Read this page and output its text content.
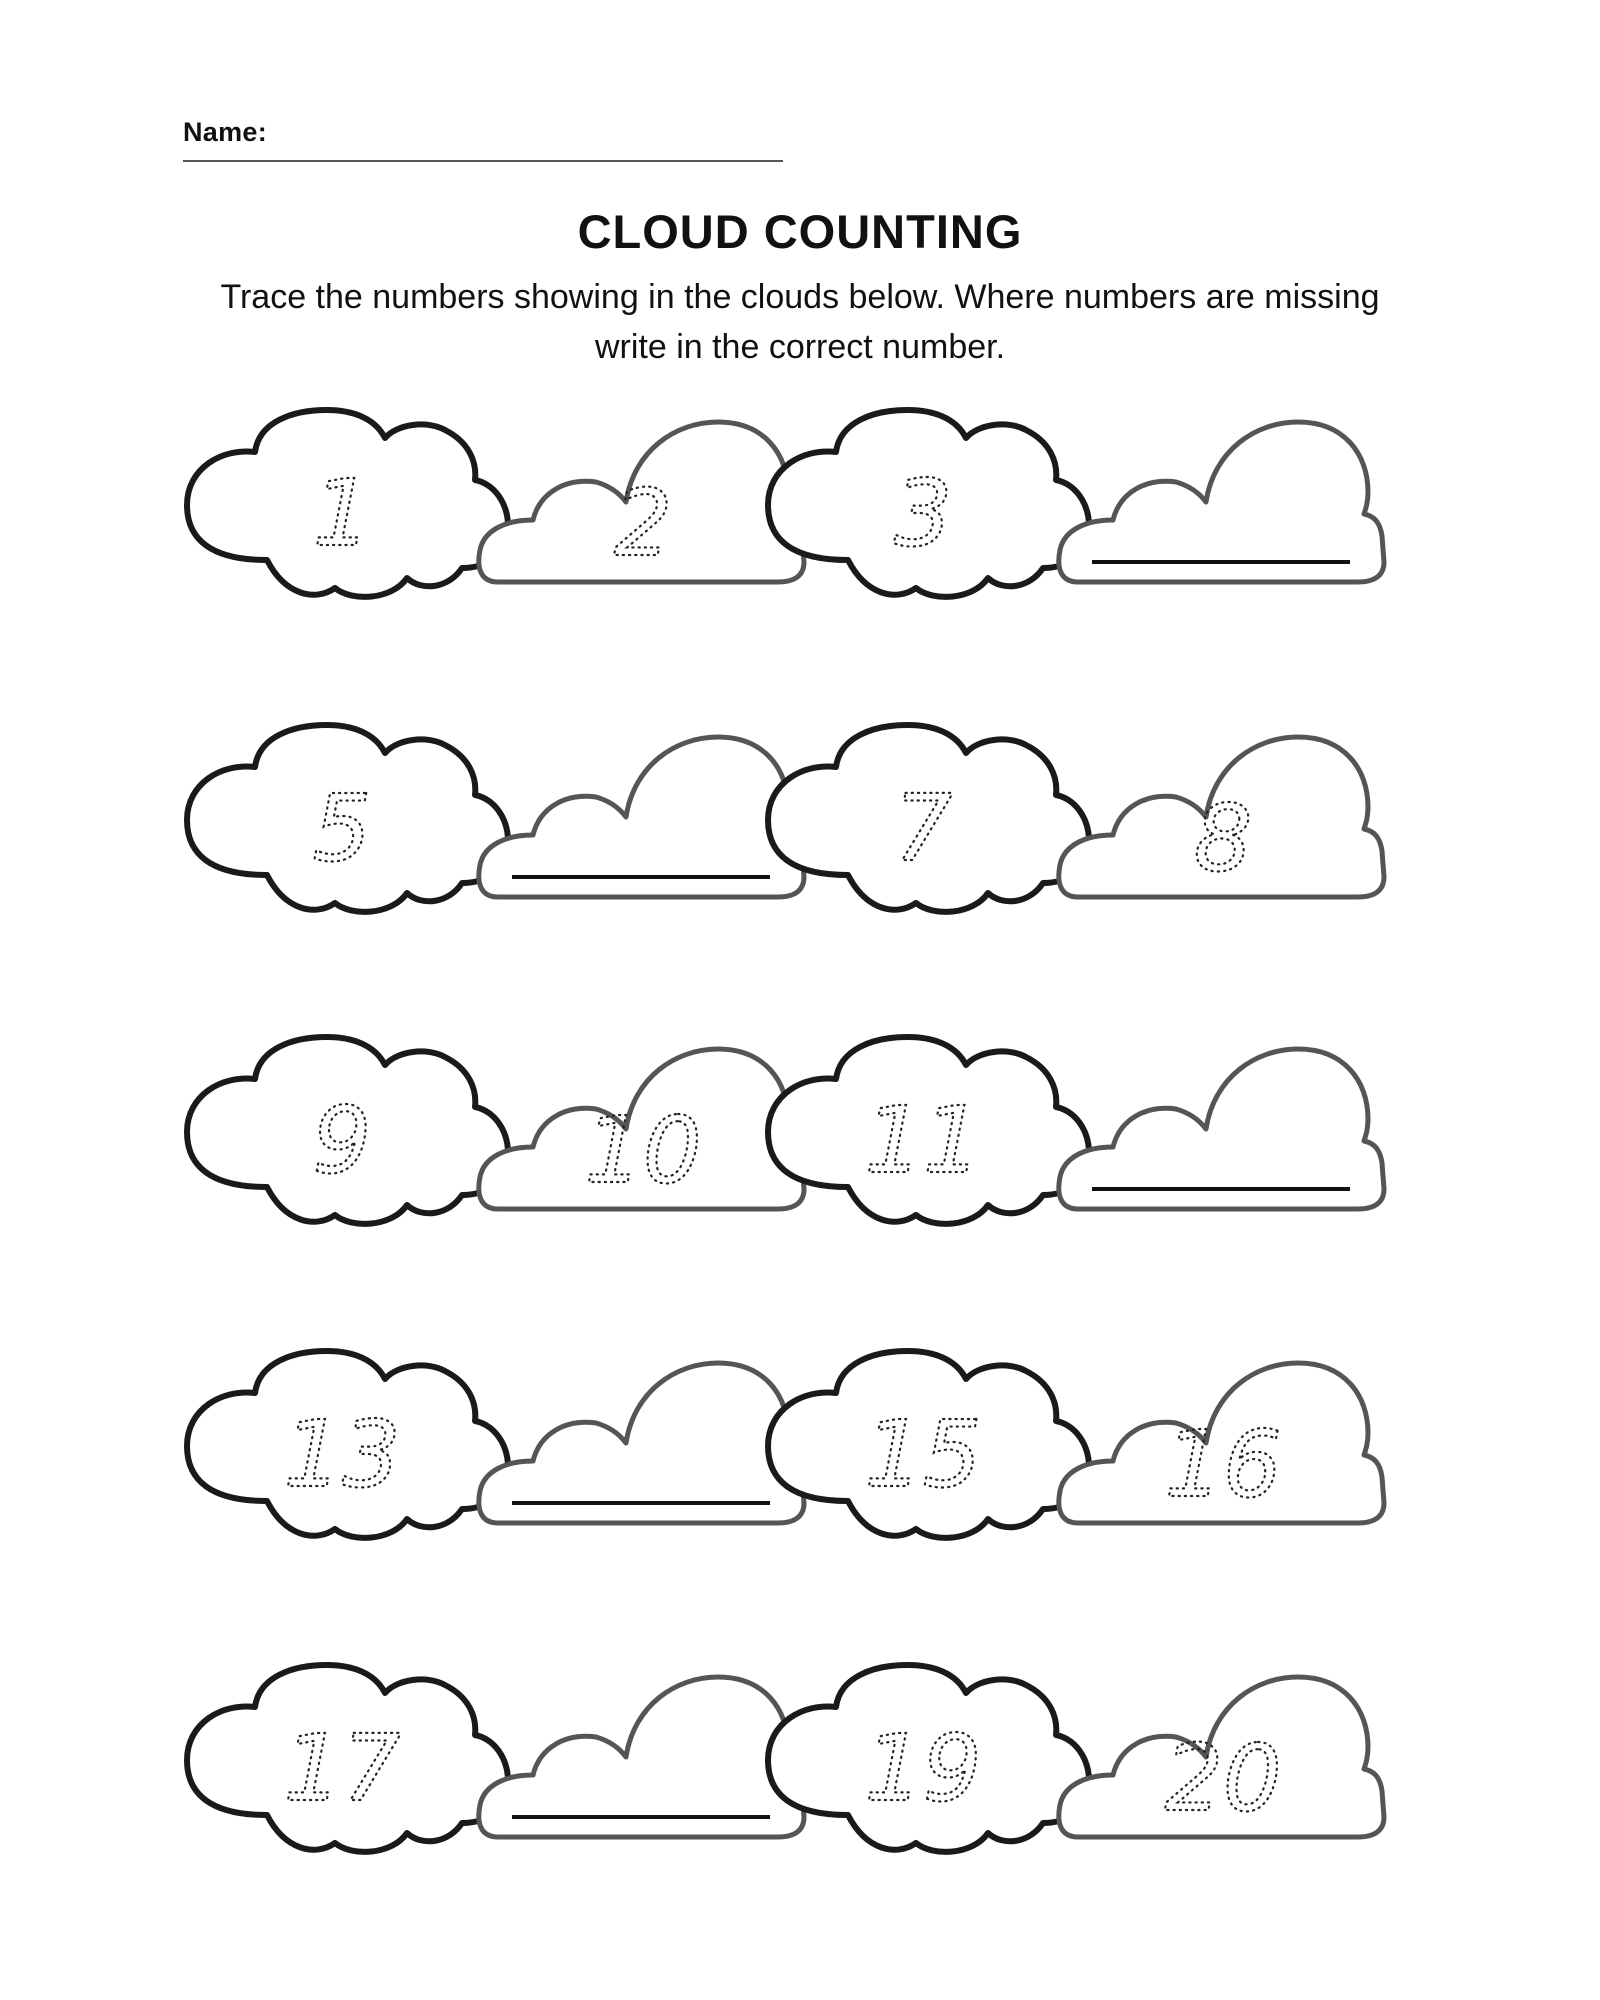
Name:
CLOUD COUNTING
Trace the numbers showing in the clouds below. Where numbers are missing write in the correct number.
1	2 3
5	7	8
9 10 11
13	15 16
17	19 20
